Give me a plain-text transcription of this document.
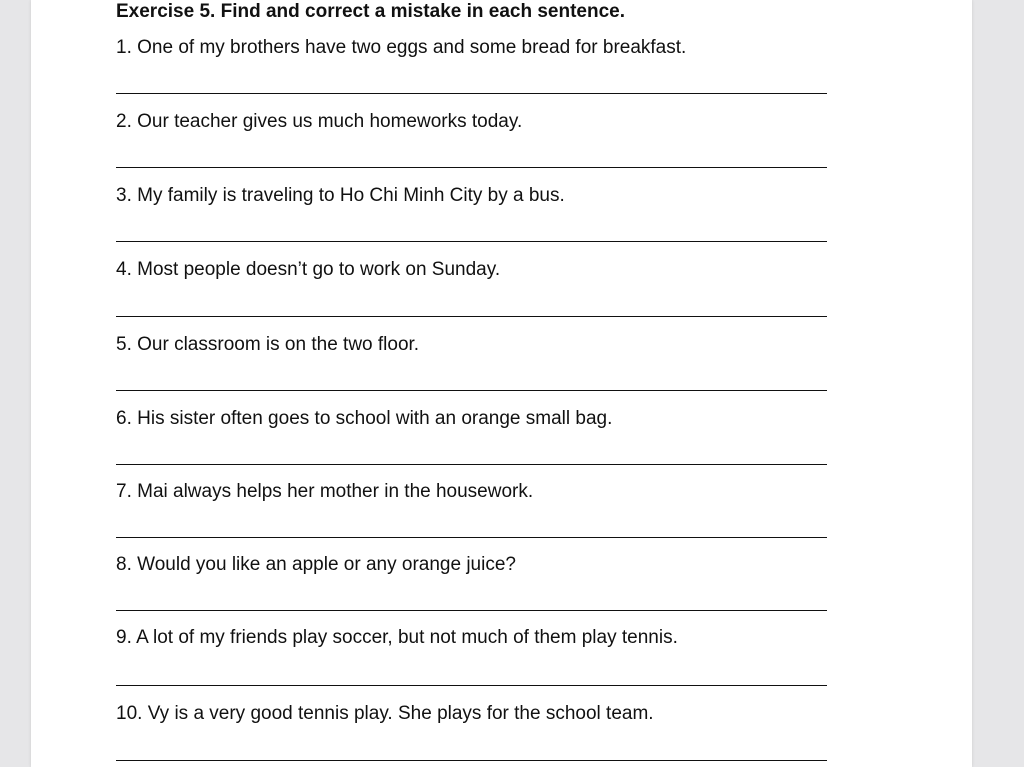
Exercise 5. Find and correct a mistake in each sentence.
1. One of my brothers have two eggs and some bread for breakfast.
2. Our teacher gives us much homeworks today.
3. My family is traveling to Ho Chi Minh City by a bus.
4. Most people doesn’t go to work on Sunday.
5. Our classroom is on the two floor.
6. His sister often goes to school with an orange small bag.
7. Mai always helps her mother in the housework.
8. Would you like an apple or any orange juice?
9. A lot of my friends play soccer, but not much of them play tennis.
10. Vy is a very good tennis play. She plays for the school team.
